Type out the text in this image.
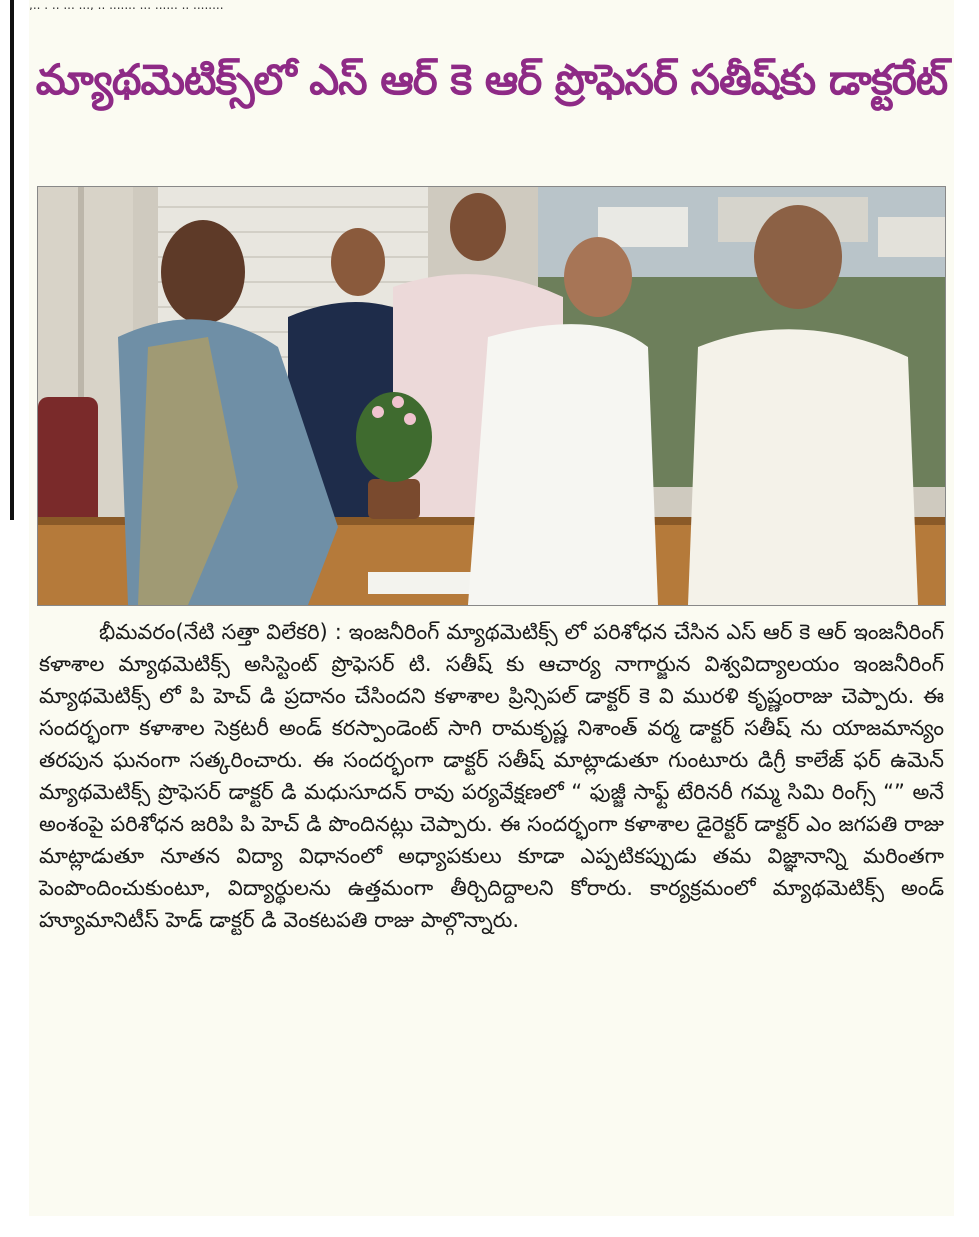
,.. . .. ... ..., .. ....... ... ...... .. ........
మ్యాథమెటిక్స్‌లో ఎస్ ఆర్ కె ఆర్ ప్రొఫెసర్ సతీష్‌కు డాక్టరేట్

భీమవరం(నేటి సత్తా విలేకరి) : ఇంజనీరింగ్ మ్యాథమెటిక్స్ లో పరిశోధన చేసిన ఎస్ ఆర్ కె ఆర్ ఇంజనీరింగ్ కళాశాల మ్యాథమెటిక్స్ అసిస్టెంట్ ప్రొఫెసర్ టి. సతీష్ కు ఆచార్య నాగార్జున విశ్వవిద్యాలయం ఇంజనీరింగ్ మ్యాథమెటిక్స్ లో పి హెచ్ డి ప్రదానం చేసిందని కళాశాల ప్రిన్సిపల్ డాక్టర్ కె వి మురళి కృష్ణంరాజు చెప్పారు. ఈ సందర్భంగా కళాశాల సెక్రటరీ అండ్ కరస్పాండెంట్ సాగి రామకృష్ణ నిశాంత్ వర్మ డాక్టర్ సతీష్ ను యాజమాన్యం తరపున ఘనంగా సత్కరించారు. ఈ సందర్భంగా డాక్టర్ సతీష్ మాట్లాడుతూ గుంటూరు డిగ్రీ కాలేజ్ ఫర్ ఉమెన్ మ్యాథమెటిక్స్ ప్రొఫెసర్ డాక్టర్ డి మధుసూదన్ రావు పర్యవేక్షణలో “ ఫుజ్జీ సాఫ్ట్ టేరినరీ గమ్మ సిమి రింగ్స్ “” అనే అంశంపై పరిశోధన జరిపి పి హెచ్ డి పొందినట్లు చెప్పారు. ఈ సందర్భంగా కళాశాల డైరెక్టర్ డాక్టర్ ఎం జగపతి రాజు మాట్లాడుతూ నూతన విద్యా విధానంలో అధ్యాపకులు కూడా ఎప్పటికప్పుడు తమ విజ్ఞానాన్ని మరింతగా పెంపొందించుకుంటూ, విద్యార్థులను ఉత్తమంగా తీర్చిదిద్దాలని కోరారు. కార్యక్రమంలో మ్యాథమెటిక్స్ అండ్ హ్యూమానిటీస్ హెడ్ డాక్టర్ డి వెంకటపతి రాజు పాల్గొన్నారు.
